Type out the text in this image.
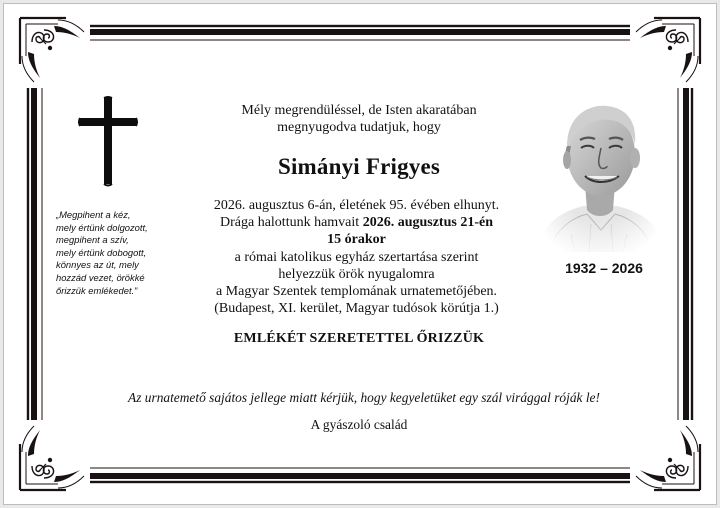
„Megpihent a kéz,
mely értünk dolgozott,
megpihent a szív,
mely értünk dobogott,
könnyes az út, mely
hozzád vezet, örökké
őrizzük emlékedet.”
Mély megrendüléssel, de Isten akaratában
megnyugodva tudatjuk, hogy
Simányi Frigyes
2026. augusztus 6-án, életének 95. évében elhunyt.
Drága halottunk hamvait 2026. augusztus 21-én
15 órakor
a római katolikus egyház szertartása szerint
helyezzük örök nyugalomra
a Magyar Szentek templomának urnatemetőjében.
(Budapest, XI. kerület, Magyar tudósok körútja 1.)
EMLÉKÉT SZERETETTEL ŐRIZZÜK
1932 – 2026
Az urnatemető sajátos jellege miatt kérjük, hogy kegyeletüket egy szál virággal róják le!
A gyászoló család
